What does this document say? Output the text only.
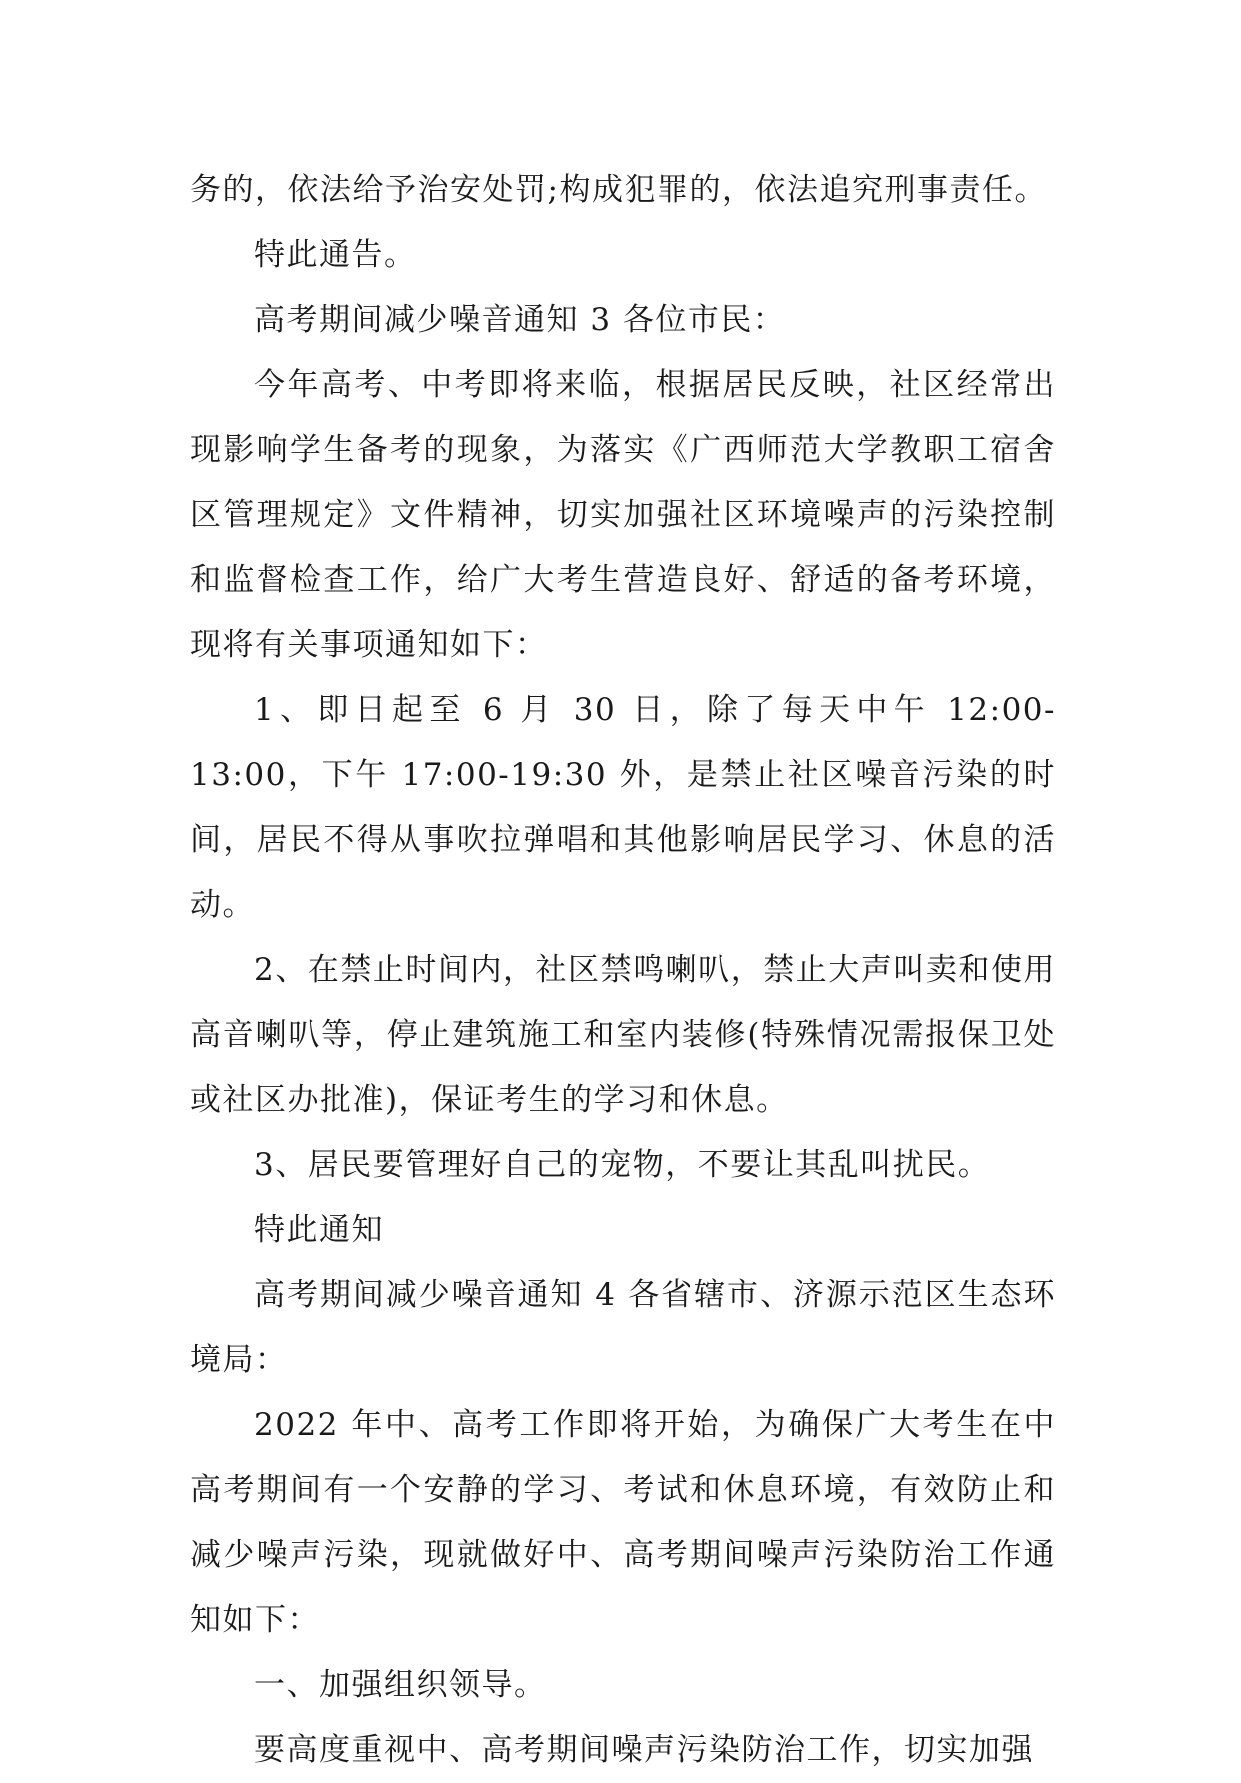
务的，依法给予治安处罚;构成犯罪的，依法追究刑事责任。

特此通告。

高考期间减少噪音通知 3 各位市民：

今年高考、中考即将来临，根据居民反映，社区经常出现影响学生备考的现象，为落实《广西师范大学教职工宿舍区管理规定》文件精神，切实加强社区环境噪声的污染控制和监督检查工作，给广大考生营造良好、舒适的备考环境，现将有关事项通知如下：

1、即日起至 6 月 30 日，除了每天中午 12:00-13:00，下午 17:00-19:30 外，是禁止社区噪音污染的时间，居民不得从事吹拉弹唱和其他影响居民学习、休息的活动。

2、在禁止时间内，社区禁鸣喇叭，禁止大声叫卖和使用高音喇叭等，停止建筑施工和室内装修(特殊情况需报保卫处或社区办批准)，保证考生的学习和休息。

3、居民要管理好自己的宠物，不要让其乱叫扰民。

特此通知

高考期间减少噪音通知 4 各省辖市、济源示范区生态环境局：

2022 年中、高考工作即将开始，为确保广大考生在中高考期间有一个安静的学习、考试和休息环境，有效防止和减少噪声污染，现就做好中、高考期间噪声污染防治工作通知如下：

一、加强组织领导。

要高度重视中、高考期间噪声污染防治工作，切实加强
